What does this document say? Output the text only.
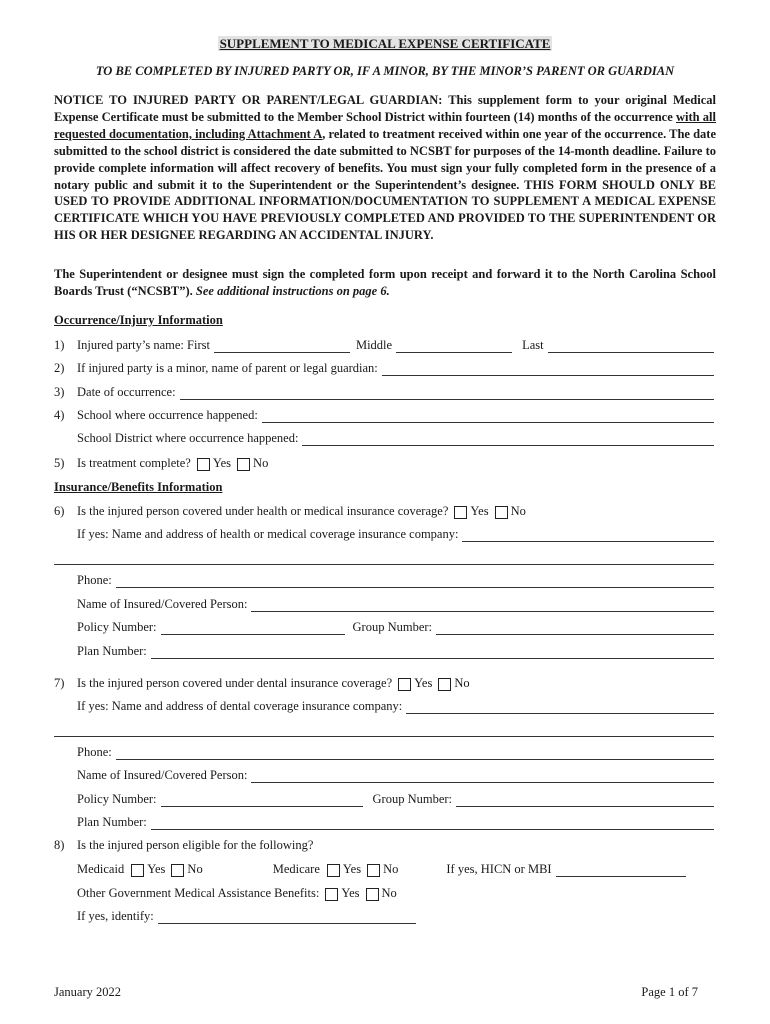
SUPPLEMENT TO MEDICAL EXPENSE CERTIFICATE
TO BE COMPLETED BY INJURED PARTY OR, IF A MINOR, BY THE MINOR’S PARENT OR GUARDIAN
NOTICE TO INJURED PARTY OR PARENT/LEGAL GUARDIAN: This supplement form to your original Medical Expense Certificate must be submitted to the Member School District within fourteen (14) months of the occurrence with all requested documentation, including Attachment A, related to treatment received within one year of the occurrence. The date submitted to the school district is considered the date submitted to NCSBT for purposes of the 14-month deadline. Failure to provide complete information will affect recovery of benefits. You must sign your fully completed form in the presence of a notary public and submit it to the Superintendent or the Superintendent’s designee. THIS FORM SHOULD ONLY BE USED TO PROVIDE ADDITIONAL INFORMATION/DOCUMENTATION TO SUPPLEMENT A MEDICAL EXPENSE CERTIFICATE WHICH YOU HAVE PREVIOUSLY COMPLETED AND PROVIDED TO THE SUPERINTENDENT OR HIS OR HER DESIGNEE REGARDING AN ACCIDENTAL INJURY.
The Superintendent or designee must sign the completed form upon receipt and forward it to the North Carolina School Boards Trust (“NCSBT”). See additional instructions on page 6.
Occurrence/Injury Information
1)	Injured party’s name: First	Middle	Last
2)	If injured party is a minor, name of parent or legal guardian:
3)	Date of occurrence:
4)	School where occurrence happened:
School District where occurrence happened:
5)	Is treatment complete?	Yes No
Insurance/Benefits Information
6)	Is the injured person covered under health or medical insurance coverage?	Yes No
If yes: Name and address of health or medical coverage insurance company:
Phone:
Name of Insured/Covered Person:
Policy Number:	Group Number:
Plan Number:
7)	Is the injured person covered under dental insurance coverage?	Yes No
If yes: Name and address of dental coverage insurance company:
Phone:
Name of Insured/Covered Person:
Policy Number:	Group Number:
Plan Number:
8)	Is the injured person eligible for the following?
Medicaid	Yes No	Medicare	Yes No	If yes, HICN or MBI
Other Government Medical Assistance Benefits:	Yes No
If yes, identify:
January 2022	Page 1 of 7
